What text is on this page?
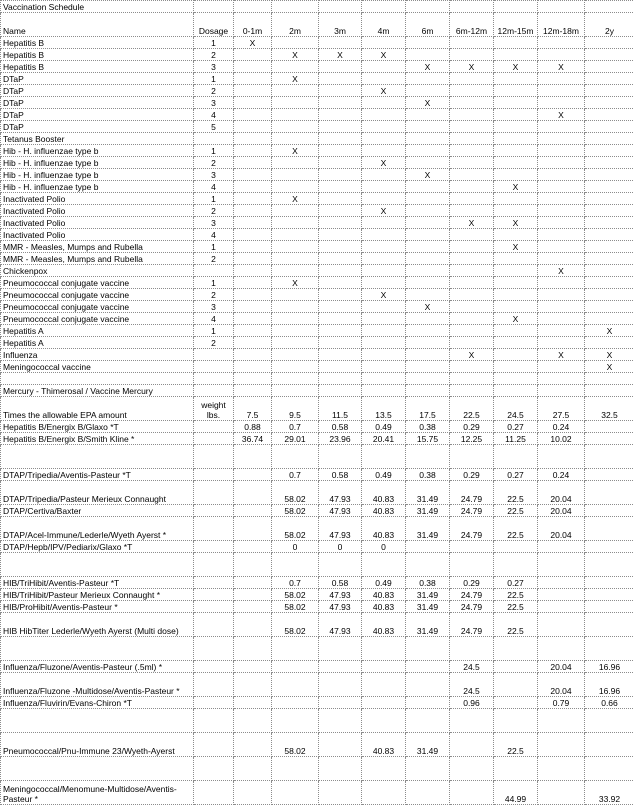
Vaccination Schedule										
Name	Dosage	0-1m	2m	3m	4m	6m	6m-12m	12m-15m	12m-18m	2y
Hepatitis B	1	X								
Hepatitis B	2		X	X	X					
Hepatitis B	3					X	X	X	X	
DTaP	1		X							
DTaP	2				X					
DTaP	3					X				
DTaP	4								X	
DTaP	5									
Tetanus Booster										
Hib - H. influenzae type b	1		X							
Hib - H. influenzae type b	2				X					
Hib - H. influenzae type b	3					X				
Hib - H. influenzae type b	4							X		
Inactivated Polio	1		X							
Inactivated Polio	2				X					
Inactivated Polio	3						X	X		
Inactivated Polio	4									
MMR - Measles, Mumps and Rubella	1							X		
MMR - Measles, Mumps and Rubella	2									
Chickenpox									X	
Pneumococcal conjugate vaccine	1		X							
Pneumococcal conjugate vaccine	2				X					
Pneumococcal conjugate vaccine	3					X				
Pneumococcal conjugate vaccine	4							X		
Hepatitis A	1									X
Hepatitis A	2									
Influenza							X		X	X
Meningococcal vaccine										X

Mercury - Thimerosal / Vaccine Mercury										
Times the allowable EPA amount	weight lbs.	7.5	9.5	11.5	13.5	17.5	22.5	24.5	27.5	32.5
Hepatitis B/Energix B/Glaxo *T		0.88	0.7	0.58	0.49	0.38	0.29	0.27	0.24	
Hepatitis B/Energix B/Smith Kline *		36.74	29.01	23.96	20.41	15.75	12.25	11.25	10.02	

DTAP/Tripedia/Aventis-Pasteur *T			0.7	0.58	0.49	0.38	0.29	0.27	0.24	
DTAP/Tripedia/Pasteur Merieux Connaught			58.02	47.93	40.83	31.49	24.79	22.5	20.04	
DTAP/Certiva/Baxter			58.02	47.93	40.83	31.49	24.79	22.5	20.04	
DTAP/Acel-Immune/Lederle/Wyeth Ayerst *			58.02	47.93	40.83	31.49	24.79	22.5	20.04	
DTAP/Hepb/IPV/Pediarix/Glaxo *T			0	0	0					

HIB/TriHibit/Aventis-Pasteur *T			0.7	0.58	0.49	0.38	0.29	0.27		
HIB/TriHibit/Pasteur Merieux Connaught *			58.02	47.93	40.83	31.49	24.79	22.5		
HIB/ProHibit/Aventis-Pasteur *			58.02	47.93	40.83	31.49	24.79	22.5		
HIB HibTiter Lederle/Wyeth Ayerst (Multi dose)			58.02	47.93	40.83	31.49	24.79	22.5		

Influenza/Fluzone/Aventis-Pasteur (.5ml) *							24.5		20.04	16.96
Influenza/Fluzone -Multidose/Aventis-Pasteur *							24.5		20.04	16.96
Influenza/Fluvirin/Evans-Chiron *T							0.96		0.79	0.66

Pneumococcal/Pnu-Immune 23/Wyeth-Ayerst			58.02		40.83	31.49		22.5		

Meningococcal/Menomune-Multidose/Aventis-Pasteur *								44.99		33.92
